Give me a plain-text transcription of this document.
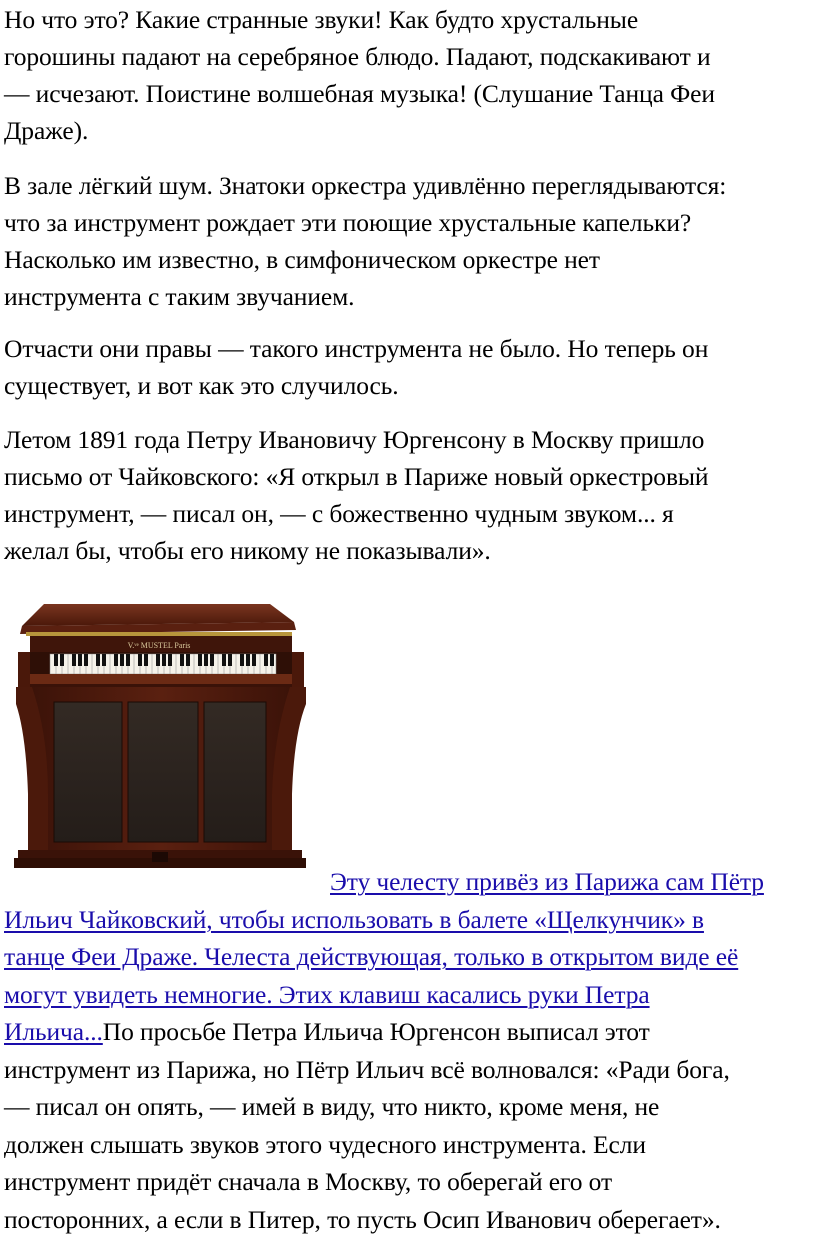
Но что это? Какие странные звуки! Как будто хрустальные
горошины падают на серебряное блюдо. Падают, подскакивают и
— исчезают. Поистине волшебная музыка! (Слушание Танца Феи
Драже).

В зале лёгкий шум. Знатоки оркестра удивлённо переглядываются:
что за инструмент рождает эти поющие хрустальные капельки?
Насколько им известно, в симфоническом оркестре нет
инструмента с таким звучанием.

Отчасти они правы — такого инструмента не было. Но теперь он
существует, и вот как это случилось.

Летом 1891 года Петру Ивановичу Юргенсону в Москву пришло
письмо от Чайковского: «Я открыл в Париже новый оркестровый
инструмент, — писал он, — с божественно чудным звуком... я
желал бы, чтобы его никому не показывали».

V.ᵛᵉ MUSTEL Paris
Эту челесту привёз из Парижа сам Пётр
Ильич Чайковский, чтобы использовать в балете «Щелкунчик» в
танце Феи Драже. Челеста действующая, только в открытом виде её
могут увидеть немногие. Этих клавиш касались руки Петра
Ильича...По просьбе Петра Ильича Юргенсон выписал этот
инструмент из Парижа, но Пётр Ильич всё волновался: «Ради бога,
— писал он опять, — имей в виду, что никто, кроме меня, не
должен слышать звуков этого чудесного инструмента. Если
инструмент придёт сначала в Москву, то оберегай его от
посторонних, а если в Питер, то пусть Осип Иванович оберегает».
